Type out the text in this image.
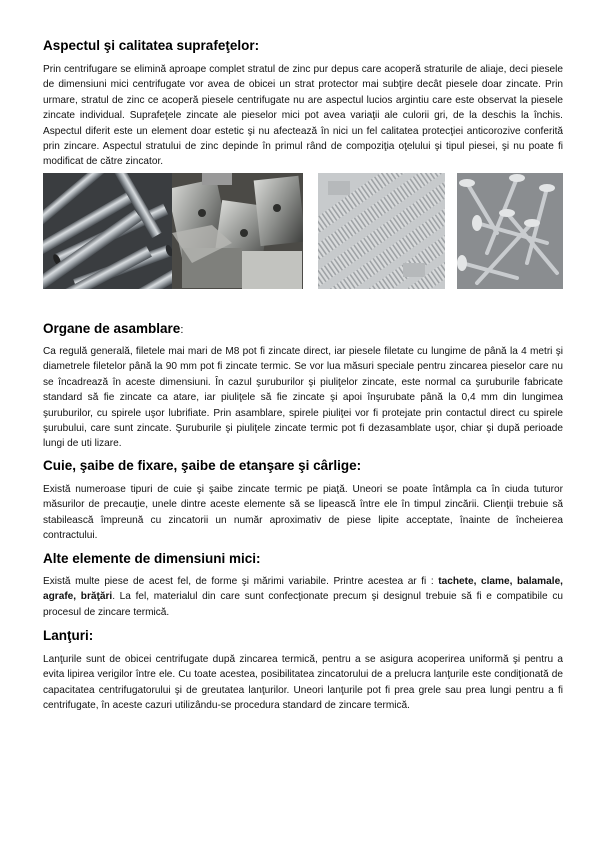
Aspectul şi calitatea suprafeţelor:

Prin centrifugare se elimină aproape complet stratul de zinc pur depus care acoperă straturile de aliaje, deci piesele de dimensiuni mici centrifugate vor avea de obicei un strat protector mai subţire decât piesele doar zincate. Prin urmare, stratul de zinc ce acoperă piesele centrifugate nu are aspectul lucios argintiu care este observat la piesele zincate individual. Suprafeţele zincate ale pieselor mici pot avea variaţii ale culorii gri, de la deschis la închis. Aspectul diferit este un element doar estetic şi nu afectează în nici un fel calitatea protecţiei anticorozive conferită prin zincare. Aspectul stratului de zinc depinde în primul rând de compoziţia oţelului şi tipul piesei, şi nu poate fi modificat de către zincator.

Organe de asamblare:

Ca regulă generală, filetele mai mari de M8 pot fi zincate direct, iar piesele filetate cu lungime de până la 4 metri şi diametrele filetelor până la 90 mm pot fi zincate termic. Se vor lua măsuri speciale pentru zincarea pieselor care nu se încadrează în aceste dimensiuni. În cazul şuruburilor şi piuliţelor zincate, este normal ca şuruburile fabricate standard să fie zincate ca atare, iar piuliţele să fie zincate şi apoi înşurubate până la 0,4 mm din lungimea şuruburilor, cu spirele uşor lubrifiate. Prin asamblare, spirele piuliţei vor fi protejate prin contactul direct cu spirele şurubului, care sunt zincate. Şuruburile şi piuliţele zincate termic pot fi dezasamblate uşor, chiar şi după perioade lungi de uti lizare.

Cuie, şaibe de fixare, şaibe de etanşare şi cârlige:

Există numeroase tipuri de cuie şi şaibe zincate termic pe piaţă. Uneori se poate întâmpla ca în ciuda tuturor măsurilor de precauţie, unele dintre aceste elemente să se lipească între ele în timpul zincării. Clienţii trebuie să stabilească împreună cu zincatorii un număr aproximativ de piese lipite acceptate, înainte de încheierea contractului.

Alte elemente de dimensiuni mici:

Există multe piese de acest fel, de forme şi mărimi variabile. Printre acestea ar fi : tachete, clame, balamale, agrafe, brăţări. La fel, materialul din care sunt confecţionate precum şi designul trebuie să fi e compatibile cu procesul de zincare termică.

Lanţuri:

Lanţurile sunt de obicei centrifugate după zincarea termică, pentru a se asigura acoperirea uniformă şi pentru a evita lipirea verigilor între ele. Cu toate acestea, posibilitatea zincatorului de a prelucra lanţurile este condiţionată de capacitatea centrifugatorului şi de greutatea lanţurilor. Uneori lanţurile pot fi prea grele sau prea lungi pentru a fi centrifugate, în aceste cazuri utilizându-se procedura standard de zincare termică.
